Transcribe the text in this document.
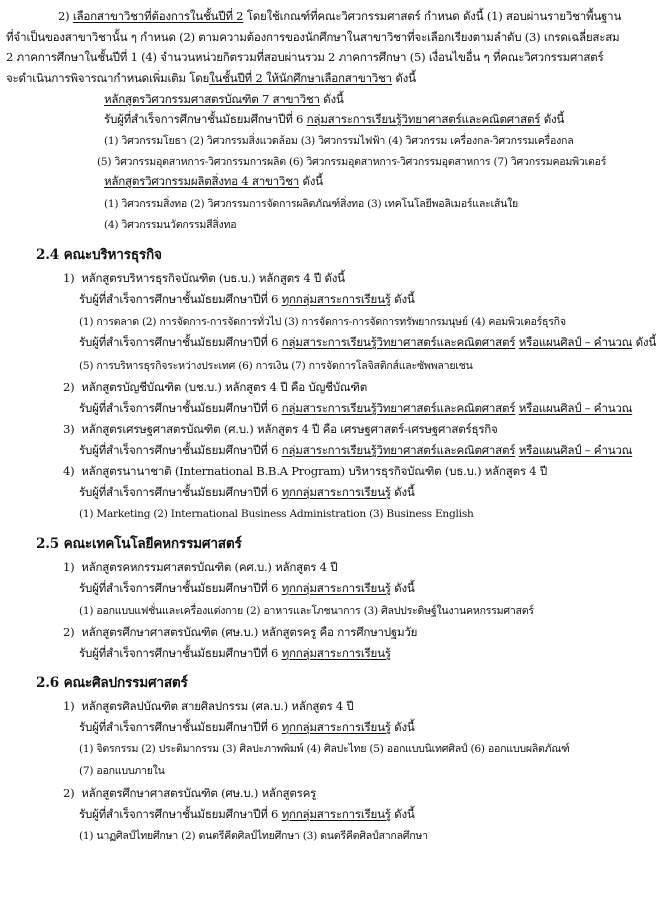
2) เลือกสาขาวิชาที่ต้องการในชั้นปีที่ 2 โดยใช้เกณฑ์ที่คณะวิศวกรรมศาสตร์ กำหนด ดังนี้ (1) สอบผ่านรายวิชาพื้นฐาน
ที่จำเป็นของสาขาวิชานั้น ๆ กำหนด (2) ตามความต้องการของนักศึกษาในสาขาวิชาที่จะเลือกเรียงตามลำดับ (3) เกรดเฉลี่ยสะสม
2 ภาคการศึกษาในชั้นปีที่ 1 (4) จำนวนหน่วยกิตรวมที่สอบผ่านรวม 2 ภาคการศึกษา (5) เงื่อนไขอื่น ๆ ที่คณะวิศวกรรมศาสตร์
จะดำเนินการพิจารณากำหนดเพิ่มเติม โดยในชั้นปีที่ 2 ให้นักศึกษาเลือกสาขาวิชา ดังนี้
หลักสูตรวิศวกรรมศาสตรบัณฑิต 7 สาขาวิชา ดังนี้
รับผู้ที่สำเร็จการศึกษาชั้นมัธยมศึกษาปีที่ 6 กลุ่มสาระการเรียนรู้วิทยาศาสตร์และคณิตศาสตร์ ดังนี้
(1) วิศวกรรมโยธา (2) วิศวกรรมสิ่งแวดล้อม (3) วิศวกรรมไฟฟ้า (4) วิศวกรรม เครื่องกล-วิศวกรรมเครื่องกล
(5) วิศวกรรมอุตสาหการ-วิศวกรรมการผลิต (6) วิศวกรรมอุตสาหการ-วิศวกรรมอุตสาหการ (7) วิศวกรรมคอมพิวเตอร์
หลักสูตรวิศวกรรมผลิตสิ่งทอ 4 สาขาวิชา ดังนี้
(1) วิศวกรรมสิ่งทอ (2) วิศวกรรมการจัดการผลิตภัณฑ์สิ่งทอ (3) เทคโนโลยีพอลิเมอร์และเส้นใย
(4) วิศวกรรมนวัตกรรมสีสิ่งทอ
2.4 คณะบริหารธุรกิจ
1) หลักสูตรบริหารธุรกิจบัณฑิต (บธ.บ.) หลักสูตร 4 ปี ดังนี้
รับผู้ที่สำเร็จการศึกษาชั้นมัธยมศึกษาปีที่ 6 ทุกกลุ่มสาระการเรียนรู้ ดังนี้
(1) การตลาด (2) การจัดการ-การจัดการทั่วไป (3) การจัดการ-การจัดการทรัพยากรมนุษย์ (4) คอมพิวเตอร์ธุรกิจ
รับผู้ที่สำเร็จการศึกษาชั้นมัธยมศึกษาปีที่ 6 กลุ่มสาระการเรียนรู้วิทยาศาสตร์และคณิตศาสตร์ หรือแผนศิลป์ – คำนวณ ดังนี้
(5) การบริหารธุรกิจระหว่างประเทศ (6) การเงิน (7) การจัดการโลจิสติกส์และซัพพลายเชน
2) หลักสูตรบัญชีบัณฑิต (บช.บ.) หลักสูตร 4 ปี คือ บัญชีบัณฑิต
รับผู้ที่สำเร็จการศึกษาชั้นมัธยมศึกษาปีที่ 6 กลุ่มสาระการเรียนรู้วิทยาศาสตร์และคณิตศาสตร์ หรือแผนศิลป์ – คำนวณ
3) หลักสูตรเศรษฐศาสตรบัณฑิต (ศ.บ.) หลักสูตร 4 ปี คือ เศรษฐศาสตร์-เศรษฐศาสตร์ธุรกิจ
รับผู้ที่สำเร็จการศึกษาชั้นมัธยมศึกษาปีที่ 6 กลุ่มสาระการเรียนรู้วิทยาศาสตร์และคณิตศาสตร์ หรือแผนศิลป์ – คำนวณ
4) หลักสูตรนานาชาติ (International B.B.A Program) บริหารธุรกิจบัณฑิต (บธ.บ.) หลักสูตร 4 ปี
รับผู้ที่สำเร็จการศึกษาชั้นมัธยมศึกษาปีที่ 6 ทุกกลุ่มสาระการเรียนรู้ ดังนี้
(1) Marketing (2) International Business Administration (3) Business English
2.5 คณะเทคโนโลยีคหกรรมศาสตร์
1) หลักสูตรคหกรรมศาสตรบัณฑิต (คศ.บ.) หลักสูตร 4 ปี
รับผู้ที่สำเร็จการศึกษาชั้นมัธยมศึกษาปีที่ 6 ทุกกลุ่มสาระการเรียนรู้ ดังนี้
(1) ออกแบบแฟชั่นและเครื่องแต่งกาย (2) อาหารและโภชนาการ (3) ศิลปประดิษฐ์ในงานคหกรรมศาสตร์
2) หลักสูตรศึกษาศาสตรบัณฑิต (ศษ.บ.) หลักสูตรครู คือ การศึกษาปฐมวัย
รับผู้ที่สำเร็จการศึกษาชั้นมัธยมศึกษาปีที่ 6 ทุกกลุ่มสาระการเรียนรู้
2.6 คณะศิลปกรรมศาสตร์
1) หลักสูตรศิลปบัณฑิต สายศิลปกรรม (ศล.บ.) หลักสูตร 4 ปี
รับผู้ที่สำเร็จการศึกษาชั้นมัธยมศึกษาปีที่ 6 ทุกกลุ่มสาระการเรียนรู้ ดังนี้
(1) จิตรกรรม (2) ประติมากรรม (3) ศิลปะภาพพิมพ์ (4) ศิลปะไทย (5) ออกแบบนิเทศศิลป์ (6) ออกแบบผลิตภัณฑ์
(7) ออกแบบภายใน
2) หลักสูตรศึกษาศาสตรบัณฑิต (ศษ.บ.) หลักสูตรครู
รับผู้ที่สำเร็จการศึกษาชั้นมัธยมศึกษาปีที่ 6 ทุกกลุ่มสาระการเรียนรู้ ดังนี้
(1) นาฏศิลป์ไทยศึกษา (2) ดนตรีคีตศิลป์ไทยศึกษา (3) ดนตรีคีตศิลป์สากลศึกษา
